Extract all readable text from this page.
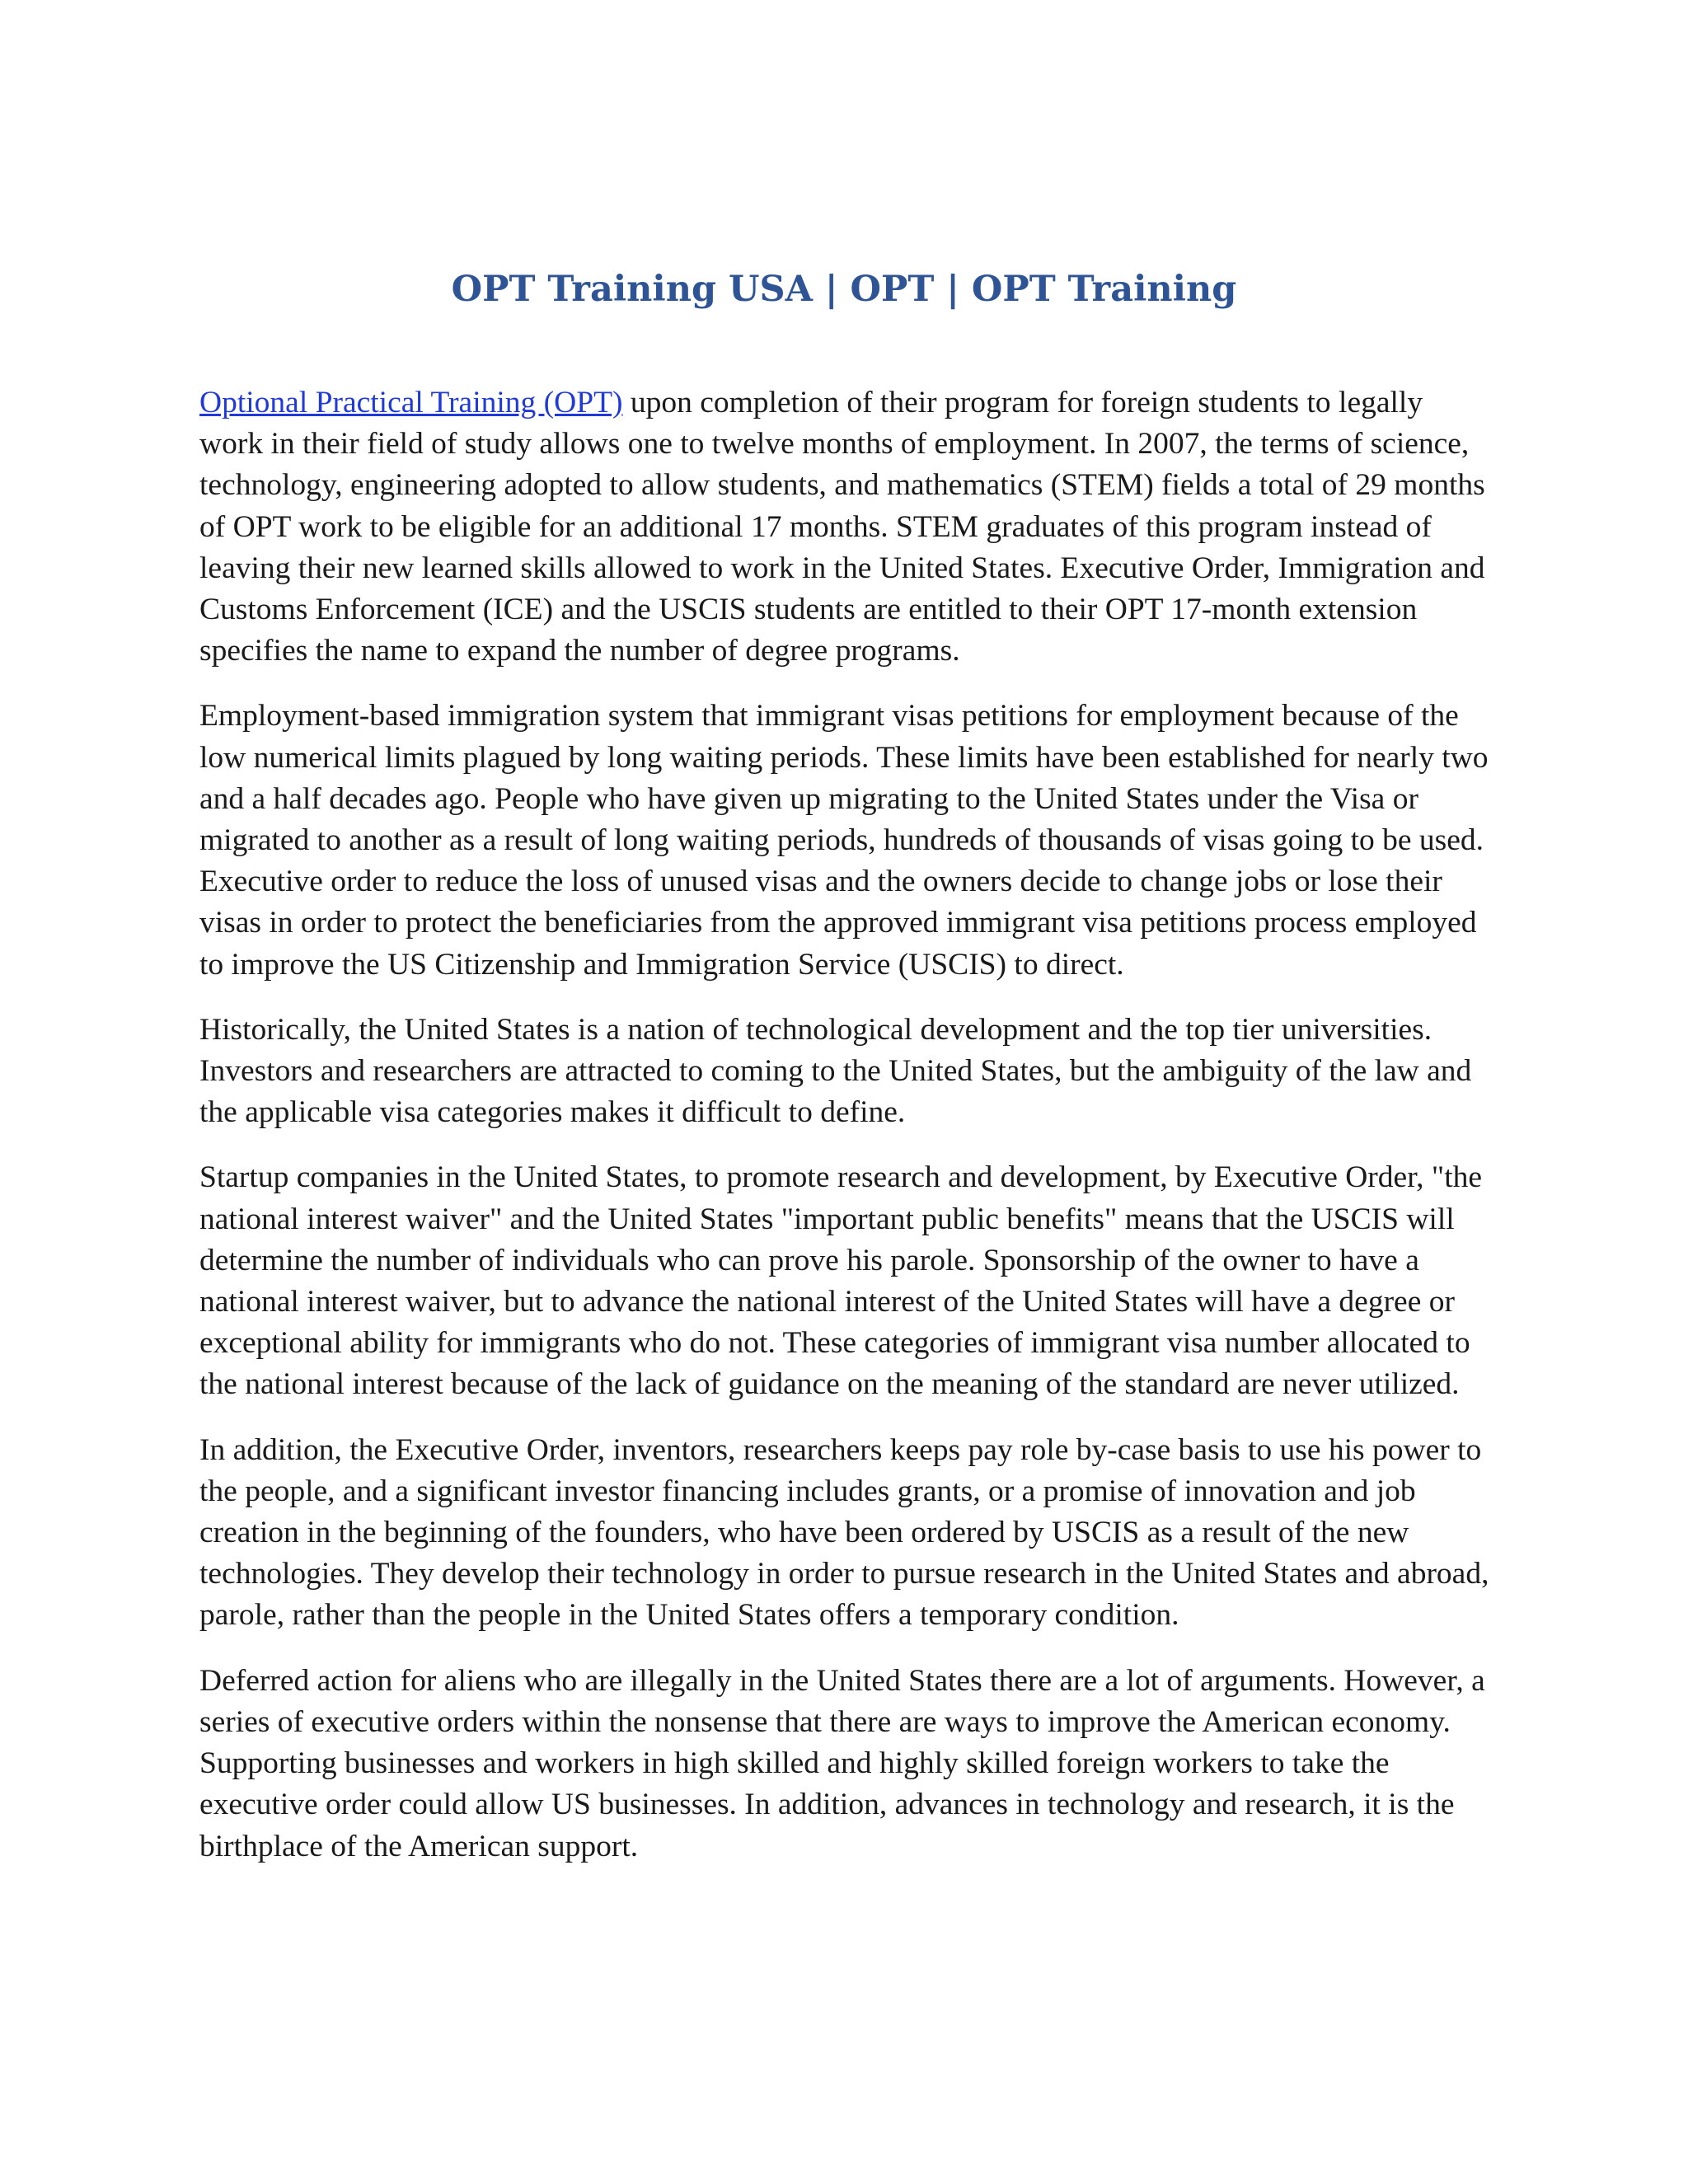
OPT Training USA | OPT | OPT Training

Optional Practical Training (OPT) upon completion of their program for foreign students to legally work in their field of study allows one to twelve months of employment. In 2007, the terms of science, technology, engineering adopted to allow students, and mathematics (STEM) fields a total of 29 months of OPT work to be eligible for an additional 17 months. STEM graduates of this program instead of leaving their new learned skills allowed to work in the United States. Executive Order, Immigration and Customs Enforcement (ICE) and the USCIS students are entitled to their OPT 17-month extension specifies the name to expand the number of degree programs.

Employment-based immigration system that immigrant visas petitions for employment because of the low numerical limits plagued by long waiting periods. These limits have been established for nearly two and a half decades ago. People who have given up migrating to the United States under the Visa or migrated to another as a result of long waiting periods, hundreds of thousands of visas going to be used. Executive order to reduce the loss of unused visas and the owners decide to change jobs or lose their visas in order to protect the beneficiaries from the approved immigrant visa petitions process employed to improve the US Citizenship and Immigration Service (USCIS) to direct.

Historically, the United States is a nation of technological development and the top tier universities. Investors and researchers are attracted to coming to the United States, but the ambiguity of the law and the applicable visa categories makes it difficult to define.

Startup companies in the United States, to promote research and development, by Executive Order, "the national interest waiver" and the United States "important public benefits" means that the USCIS will determine the number of individuals who can prove his parole. Sponsorship of the owner to have a national interest waiver, but to advance the national interest of the United States will have a degree or exceptional ability for immigrants who do not. These categories of immigrant visa number allocated to the national interest because of the lack of guidance on the meaning of the standard are never utilized.

In addition, the Executive Order, inventors, researchers keeps pay role by-case basis to use his power to the people, and a significant investor financing includes grants, or a promise of innovation and job creation in the beginning of the founders, who have been ordered by USCIS as a result of the new technologies. They develop their technology in order to pursue research in the United States and abroad, parole, rather than the people in the United States offers a temporary condition.

Deferred action for aliens who are illegally in the United States there are a lot of arguments. However, a series of executive orders within the nonsense that there are ways to improve the American economy. Supporting businesses and workers in high skilled and highly skilled foreign workers to take the executive order could allow US businesses. In addition, advances in technology and research, it is the birthplace of the American support.
